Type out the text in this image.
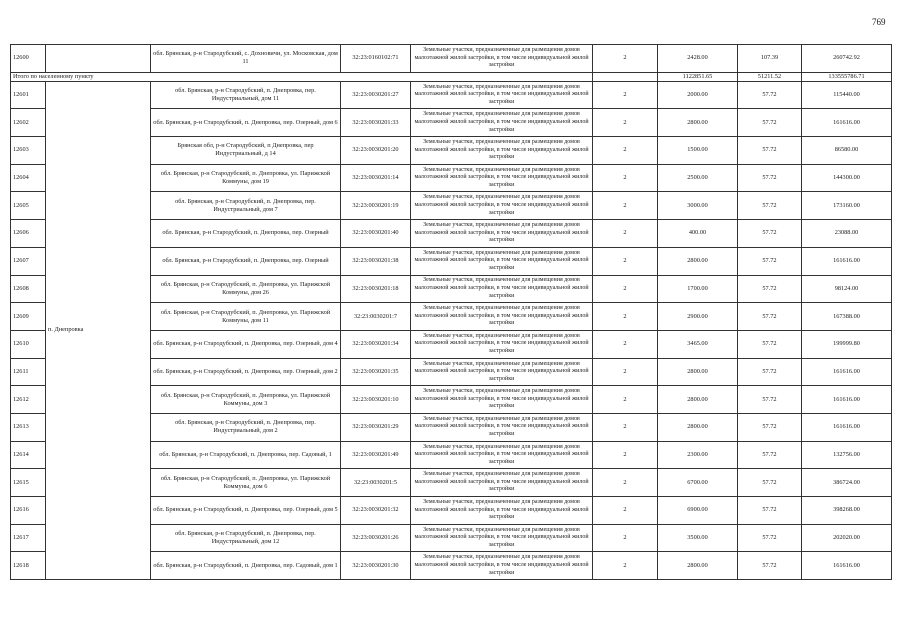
769
12600		обл. Брянская, р-н Стародубский, с. Дохновичи, ул. Московская, дом 11	32:23:0160102:71	Земельные участки, предназначенные для размещения домов малоэтажной жилой застройки, в том числе индивидуальной жилой застройки	2	2428.00	107.39	260742.92
Итого по населенному пункту						1122851.65	51211.52	133555786.71
12601	п. Днепровка	обл. Брянская, р-н Стародубский, п. Днепровка, пер. Индустриальный, дом 11	32:23:0030201:27	Земельные участки, предназначенные для размещения домов малоэтажной жилой застройки, в том числе индивидуальной жилой застройки	2	2000.00	57.72	115440.00
12602		обл. Брянская, р-н Стародубский, п. Днепровка, пер. Озерный, дом 6	32:23:0030201:33	Земельные участки, предназначенные для размещения домов малоэтажной жилой застройки, в том числе индивидуальной жилой застройки	2	2800.00	57.72	161616.00
12603		Брянская обл, р-н Стародубский, п Днепровка, пер Индустриальный, д 14	32:23:0030201:20	Земельные участки, предназначенные для размещения домов малоэтажной жилой застройки, в том числе индивидуальной жилой застройки	2	1500.00	57.72	86580.00
12604		обл. Брянская, р-н Стародубский, п. Днепровка, ул. Парижской Коммуны, дом 19	32:23:0030201:14	Земельные участки, предназначенные для размещения домов малоэтажной жилой застройки, в том числе индивидуальной жилой застройки	2	2500.00	57.72	144300.00
12605		обл. Брянская, р-н Стародубский, п. Днепровка, пер. Индустриальный, дом 7	32:23:0030201:19	Земельные участки, предназначенные для размещения домов малоэтажной жилой застройки, в том числе индивидуальной жилой застройки	2	3000.00	57.72	173160.00
12606		обл. Брянская, р-н Стародубский, п. Днепровка, пер. Озерный	32:23:0030201:40	Земельные участки, предназначенные для размещения домов малоэтажной жилой застройки, в том числе индивидуальной жилой застройки	2	400.00	57.72	23088.00
12607		обл. Брянская, р-н Стародубский, п. Днепровка, пер. Озерный	32:23:0030201:38	Земельные участки, предназначенные для размещения домов малоэтажной жилой застройки, в том числе индивидуальной жилой застройки	2	2800.00	57.72	161616.00
12608		обл. Брянская, р-н Стародубский, п. Днепровка, ул. Парижской Коммуны, дом 26	32:23:0030201:18	Земельные участки, предназначенные для размещения домов малоэтажной жилой застройки, в том числе индивидуальной жилой застройки	2	1700.00	57.72	98124.00
12609		обл. Брянская, р-н Стародубский, п. Днепровка, ул. Парижской Коммуны, дом 11	32:23:0030201:7	Земельные участки, предназначенные для размещения домов малоэтажной жилой застройки, в том числе индивидуальной жилой застройки	2	2900.00	57.72	167388.00
12610		обл. Брянская, р-н Стародубский, п. Днепровка, пер. Озерный, дом 4	32:23:0030201:34	Земельные участки, предназначенные для размещения домов малоэтажной жилой застройки, в том числе индивидуальной жилой застройки	2	3465.00	57.72	199999.80
12611		обл. Брянская, р-н Стародубский, п. Днепровка, пер. Озерный, дом 2	32:23:0030201:35	Земельные участки, предназначенные для размещения домов малоэтажной жилой застройки, в том числе индивидуальной жилой застройки	2	2800.00	57.72	161616.00
12612		обл. Брянская, р-н Стародубский, п. Днепровка, ул. Парижской Коммуны, дом 3	32:23:0030201:10	Земельные участки, предназначенные для размещения домов малоэтажной жилой застройки, в том числе индивидуальной жилой застройки	2	2800.00	57.72	161616.00
12613		обл. Брянская, р-н Стародубский, п. Днепровка, пер. Индустриальный, дом 2	32:23:0030201:29	Земельные участки, предназначенные для размещения домов малоэтажной жилой застройки, в том числе индивидуальной жилой застройки	2	2800.00	57.72	161616.00
12614		обл. Брянская, р-н Стародубский, п. Днепровка, пер. Садовый, 1	32:23:0030201:49	Земельные участки, предназначенные для размещения домов малоэтажной жилой застройки, в том числе индивидуальной жилой застройки	2	2300.00	57.72	132756.00
12615		обл. Брянская, р-н Стародубский, п. Днепровка, ул. Парижской Коммуны, дом 6	32:23:0030201:5	Земельные участки, предназначенные для размещения домов малоэтажной жилой застройки, в том числе индивидуальной жилой застройки	2	6700.00	57.72	386724.00
12616		обл. Брянская, р-н Стародубский, п. Днепровка, пер. Озерный, дом 5	32:23:0030201:32	Земельные участки, предназначенные для размещения домов малоэтажной жилой застройки, в том числе индивидуальной жилой застройки	2	6900.00	57.72	398268.00
12617		обл. Брянская, р-н Стародубский, п. Днепровка, пер. Индустриальный, дом 12	32:23:0030201:26	Земельные участки, предназначенные для размещения домов малоэтажной жилой застройки, в том числе индивидуальной жилой застройки	2	3500.00	57.72	202020.00
12618		обл. Брянская, р-н Стародубский, п. Днепровка, пер. Садовый, дом 1	32:23:0030201:30	Земельные участки, предназначенные для размещения домов малоэтажной жилой застройки, в том числе индивидуальной жилой застройки	2	2800.00	57.72	161616.00
